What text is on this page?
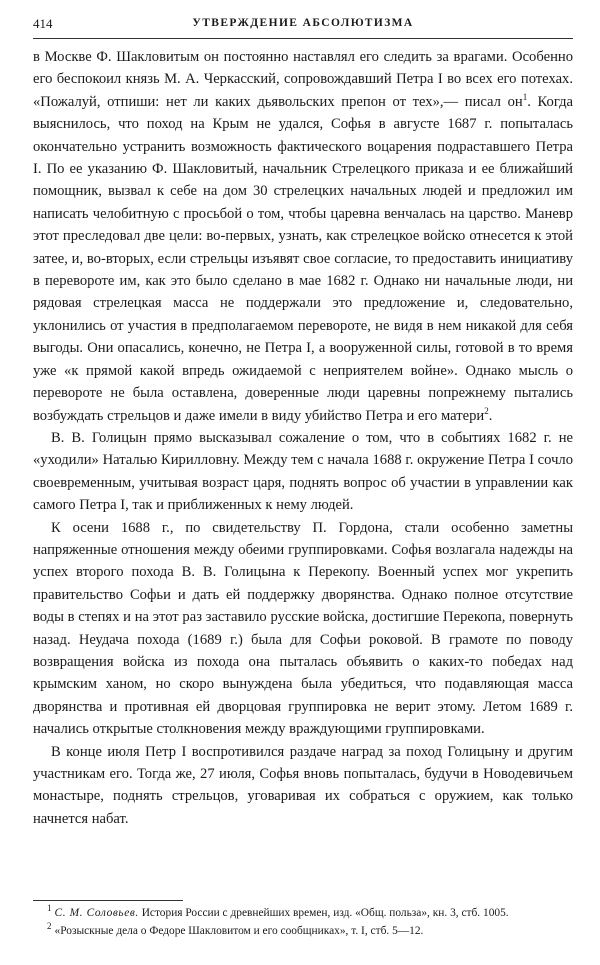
414	УТВЕРЖДЕНИЕ АБСОЛЮТИЗМА

в Москве Ф. Шакловитым он постоянно наставлял его следить за врагами. Особенно его беспокоил князь М. А. Черкасский, сопровождавший Петра I во всех его потехах. «Пожалуй, отпиши: нет ли каких дьявольских препон от тех»,— писал $он^1$. Когда выяснилось, что поход на Крым не удался, Софья в августе 1687 г. попыталась окончательно устранить возможность фактического воцарения подраставшего Петра I. По ее указанию Ф. Шакловитый, начальник Стрелецкого приказа и ее ближайший помощник, вызвал к себе на дом 30 стрелецких начальных людей и предложил им написать челобитную с просьбой о том, чтобы царевна венчалась на царство. Маневр этот преследовал две цели: во-первых, узнать, как стрелецкое войско отнесется к этой затее, и, во-вторых, если стрельцы изъявят свое согласие, то предоставить инициативу в перевороте им, как это было сделано в мае 1682 г. Однако ни начальные люди, ни рядовая стрелецкая масса не поддержали это предложение и, следовательно, уклонились от участия в предполагаемом перевороте, не видя в нем никакой для себя выгоды. Они опасались, конечно, не Петра I, а вооруженной силы, готовой в то время уже «к прямой какой впредь ожидаемой с неприятелем войне». Однако мысль о перевороте не была оставлена, доверенные люди царевны попрежнему пытались возбуждать стрельцов и даже имели в виду убийство Петра и его матери$^2$.

В. В. Голицын прямо высказывал сожаление о том, что в событиях 1682 г. не «уходили» Наталью Кирилловну. Между тем с начала 1688 г. окружение Петра I сочло своевременным, учитывая возраст царя, поднять вопрос об участии в управлении как самого Петра I, так и приближенных к нему людей.

К осени 1688 г., по свидетельству П. Гордона, стали особенно заметны напряженные отношения между обеими группировками. Софья возлагала надежды на успех второго похода В. В. Голицына к Перекопу. Военный успех мог укрепить правительство Софьи и дать ей поддержку дворянства. Однако полное отсутствие воды в степях и на этот раз заставило русские войска, достигшие Перекопа, повернуть назад. Неудача похода (1689 г.) была для Софьи роковой. В грамоте по поводу возвращения войска из похода она пыталась объявить о каких-то победах над крымским ханом, но скоро вынуждена была убедиться, что подавляющая масса дворянства и противная ей дворцовая группировка не верит этому. Летом 1689 г. начались открытые столкновения между враждующими группировками.

В конце июля Петр I воспротивился раздаче наград за поход Голицыну и другим участникам его. Тогда же, 27 июля, Софья вновь попыталась, будучи в Новодевичьем монастыре, поднять стрельцов, уговаривая их собраться с оружием, как только начнется набат.

$^1$ С. М. Соловьев. История России с древнейших времен, изд. «Общ. польза», кн. 3, стб. 1005.

$^2$ «Розыскные дела о Федоре Шакловитом и его сообщниках», т. I, стб. 5—12.
